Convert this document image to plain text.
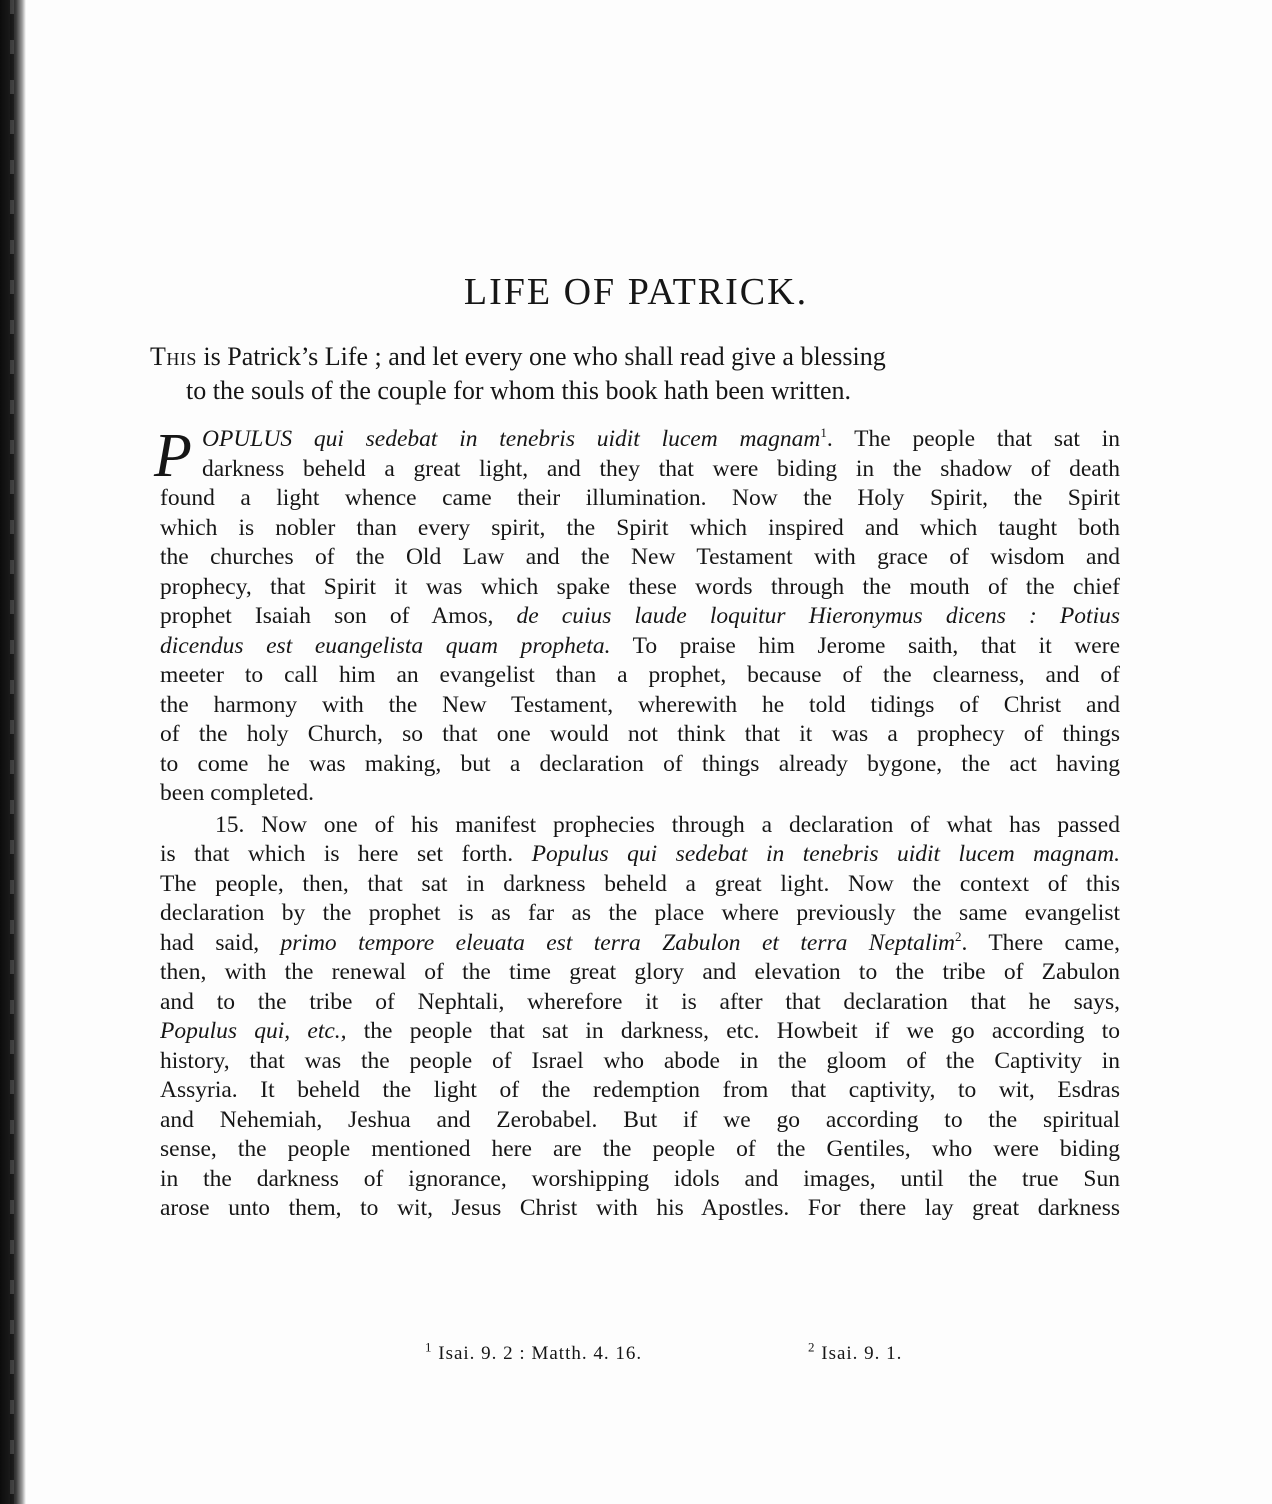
LIFE OF PATRICK.
This is Patrick’s Life ; and let every one who shall read give a blessing
to the souls of the couple for whom this book hath been written.
P OPULUS qui sedebat in tenebris uidit lucem magnam$^1$. The people that sat in
darkness beheld a great light, and they that were biding in the shadow of death
found a light whence came their illumination. Now the Holy Spirit, the Spirit
which is nobler than every spirit, the Spirit which inspired and which taught both
the churches of the Old Law and the New Testament with grace of wisdom and
prophecy, that Spirit it was which spake these words through the mouth of the chief
prophet Isaiah son of Amos, de cuius laude loquitur Hieronymus dicens : Potius
dicendus est euangelista quam propheta. To praise him Jerome saith, that it were
meeter to call him an evangelist than a prophet, because of the clearness, and of
the harmony with the New Testament, wherewith he told tidings of Christ and
of the holy Church, so that one would not think that it was a prophecy of things
to come he was making, but a declaration of things already bygone, the act having
been completed.
15. Now one of his manifest prophecies through a declaration of what has passed
is that which is here set forth. Populus qui sedebat in tenebris uidit lucem magnam.
The people, then, that sat in darkness beheld a great light. Now the context of this
declaration by the prophet is as far as the place where previously the same evangelist
had said, primo tempore eleuata est terra Zabulon et terra Neptalim$^2$. There came,
then, with the renewal of the time great glory and elevation to the tribe of Zabulon
and to the tribe of Nephtali, wherefore it is after that declaration that he says,
Populus qui, etc., the people that sat in darkness, etc. Howbeit if we go according to
history, that was the people of Israel who abode in the gloom of the Captivity in
Assyria. It beheld the light of the redemption from that captivity, to wit, Esdras
and Nehemiah, Jeshua and Zerobabel. But if we go according to the spiritual
sense, the people mentioned here are the people of the Gentiles, who were biding
in the darkness of ignorance, worshipping idols and images, until the true Sun
arose unto them, to wit, Jesus Christ with his Apostles. For there lay great darkness
$^1$ Isai. 9. 2 : Matth. 4. 16.	$^2$ Isai. 9. 1.
